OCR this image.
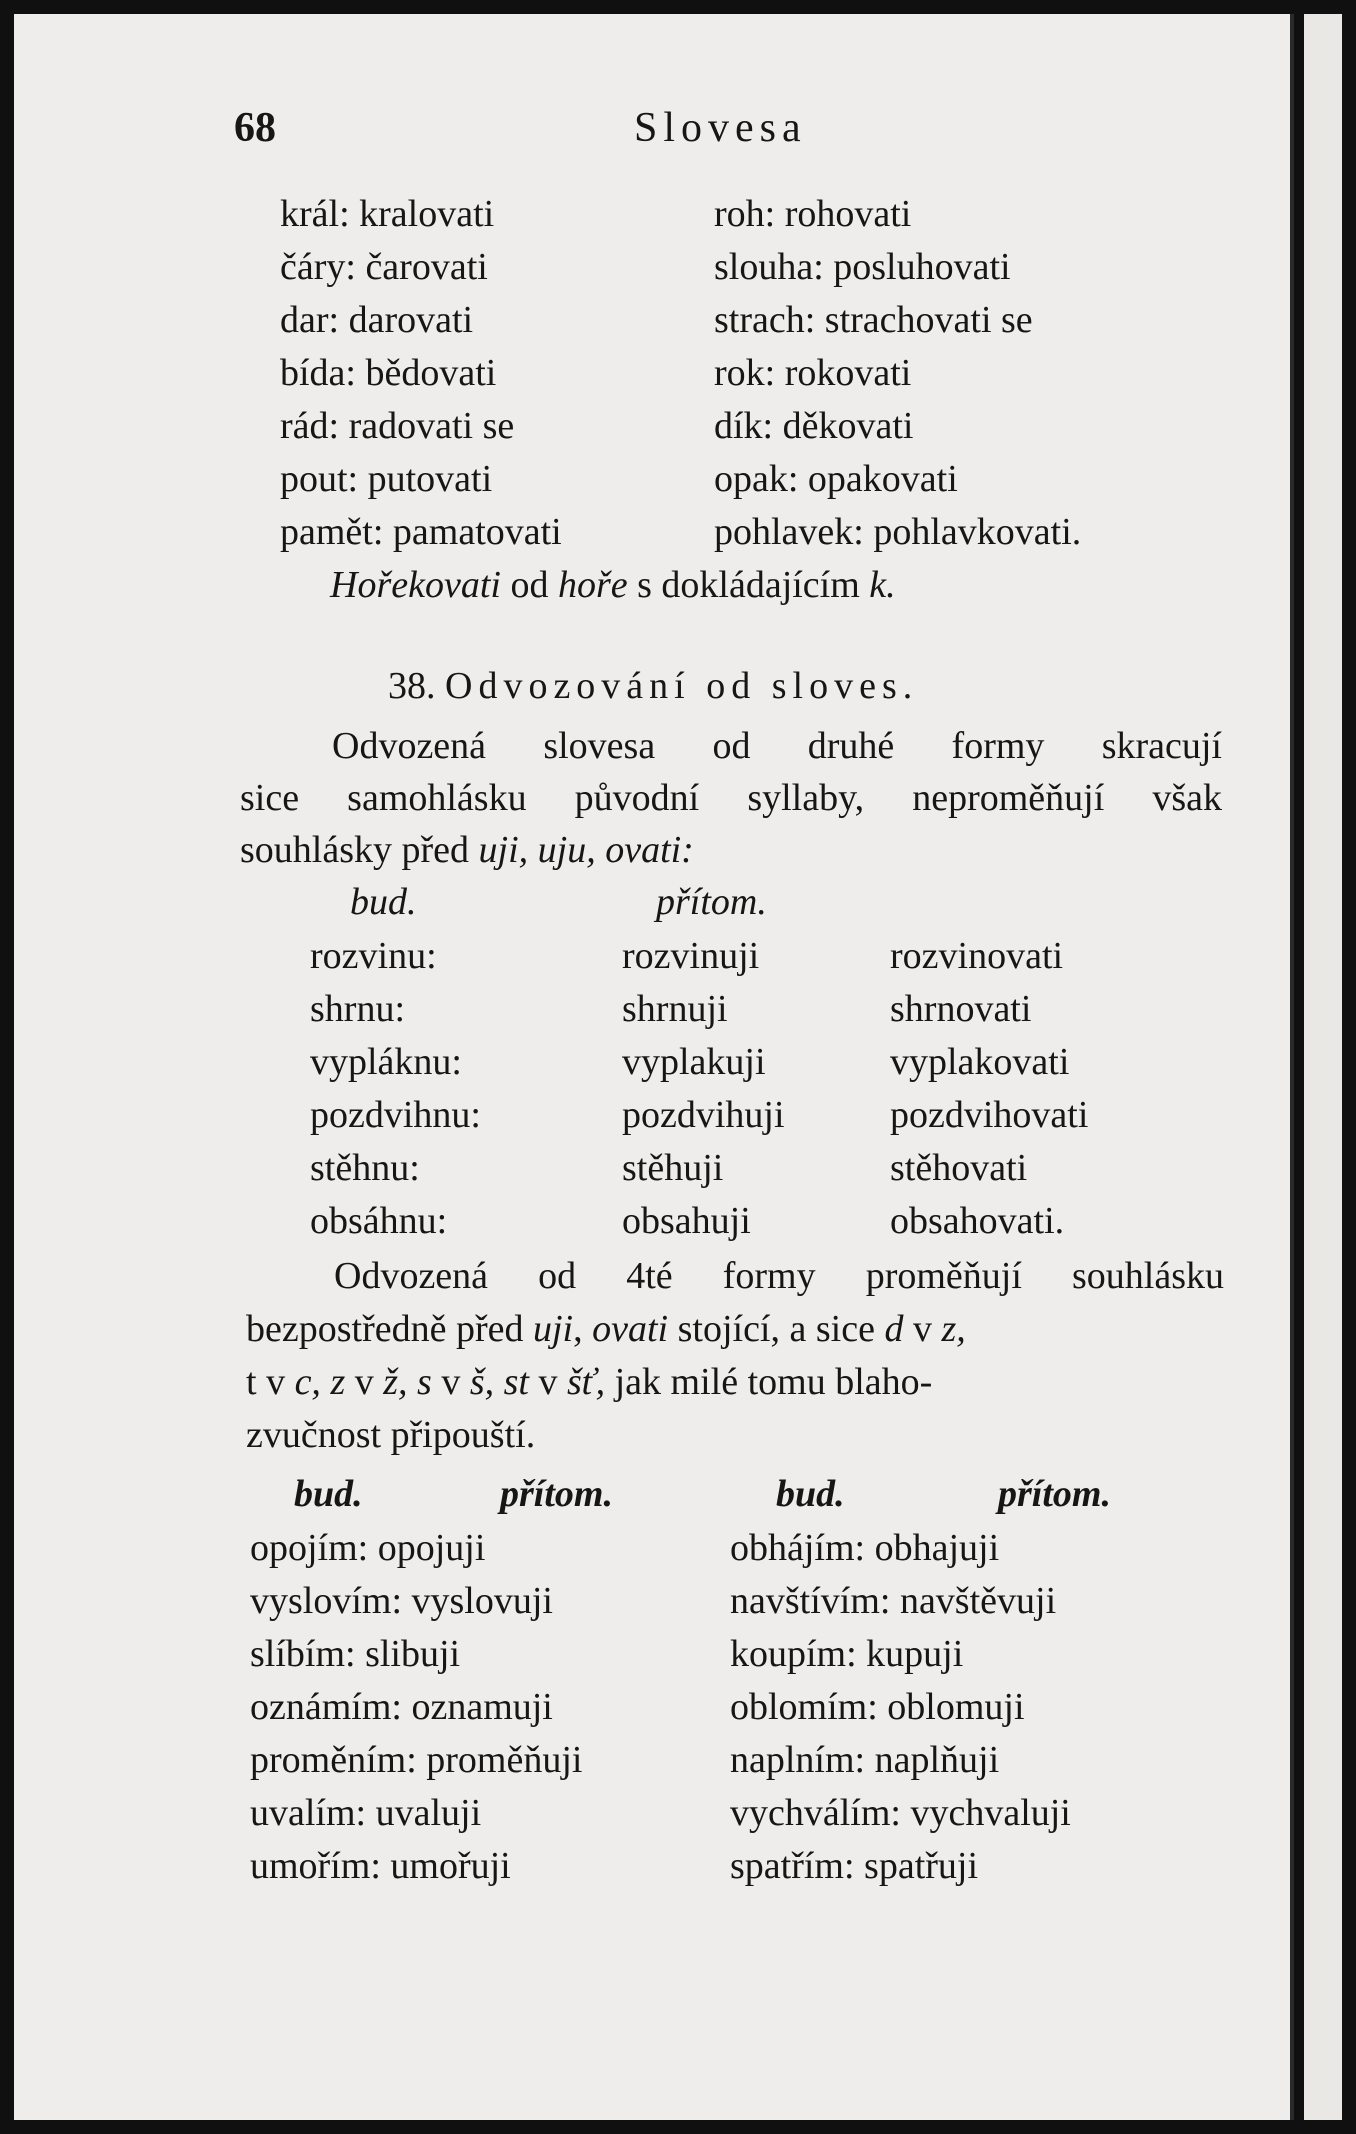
68	Slovesa
král: kralovati	roh: rohovati
čáry: čarovati	slouha: posluhovati
dar: darovati	strach: strachovati se
bída: bědovati	rok: rokovati
rád: radovati se	dík: děkovati
pout: putovati	opak: opakovati
pamět: pamatovati	pohlavek: pohlavkovati.
Hořekovati od hoře s dokládajícím k.
38. Odvozování od sloves.
Odvozená slovesa od druhé formy skracují
sice samohlásku původní syllaby, neproměňují však
souhlásky před uji, uju, ovati:
bud.	přítom.
rozvinu:	rozvinuji	rozvinovati
shrnu:	shrnuji	shrnovati
vypláknu:	vyplakuji	vyplakovati
pozdvihnu:	pozdvihuji	pozdvihovati
stěhnu:	stěhuji	stěhovati
obsáhnu:	obsahuji	obsahovati.
Odvozená od 4té formy proměňují souhlásku
bezpostředně před uji, ovati stojící, a sice d v z,
t v c, z v ž, s v š, st v šť, jak milé tomu blaho-
zvučnost připouští.
bud.	přítom.	bud.	přítom.
opojím: opojuji	obhájím: obhajuji
vyslovím: vyslovuji	navštívím: navštěvuji
slíbím: slibuji	koupím: kupuji
oznámím: oznamuji	oblomím: oblomuji
proměním: proměňuji	naplním: naplňuji
uvalím: uvaluji	vychválím: vychvaluji
umořím: umořuji	spatřím: spatřuji
